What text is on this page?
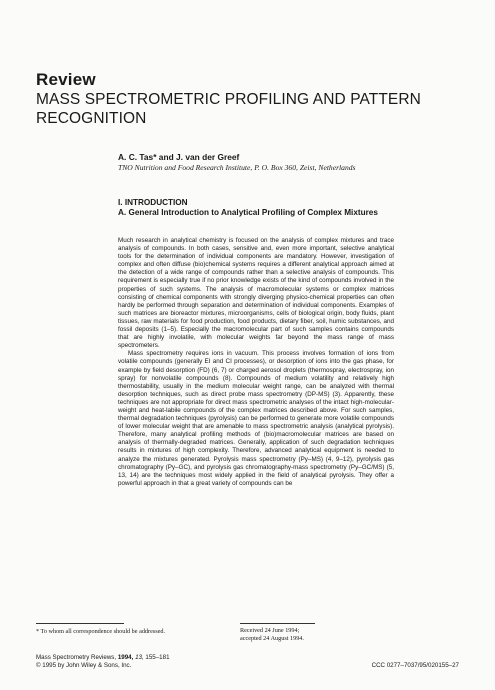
Review
MASS SPECTROMETRIC PROFILING AND PATTERN RECOGNITION
A. C. Tas* and J. van der Greef
TNO Nutrition and Food Research Institute, P. O. Box 360, Zeist, Netherlands
I. INTRODUCTION
A. General Introduction to Analytical Profiling of Complex Mixtures

Much research in analytical chemistry is focused on the analysis of complex mixtures and trace analysis of compounds. In both cases, sensitive and, even more important, selective analytical tools for the determination of individual components are mandatory. However, investigation of complex and often diffuse (bio)chemical systems requires a different analytical approach aimed at the detection of a wide range of compounds rather than a selective analysis of compounds. This requirement is especially true if no prior knowledge exists of the kind of compounds involved in the properties of such systems. The analysis of macromolecular systems or complex matrices consisting of chemical components with strongly diverging physico-chemical properties can often hardly be performed through separation and determination of individual components. Examples of such matrices are bioreactor mixtures, microorganisms, cells of biological origin, body fluids, plant tissues, raw materials for food production, food products, dietary fiber, soil, humic substances, and fossil deposits (1–5). Especially the macromolecular part of such samples contains compounds that are highly involatile, with molecular weights far beyond the mass range of mass spectrometers.

Mass spectrometry requires ions in vacuum. This process involves formation of ions from volatile compounds (generally EI and CI processes), or desorption of ions into the gas phase, for example by field desorption (FD) (6, 7) or charged aerosol droplets (thermospray, electrospray, ion spray) for nonvolatile compounds (8). Compounds of medium volatility and relatively high thermostability, usually in the medium molecular weight range, can be analyzed with thermal desorption techniques, such as direct probe mass spectrometry (DP-MS) (3). Apparently, these techniques are not appropriate for direct mass spectrometric analyses of the intact high-molecular-weight and heat-labile compounds of the complex matrices described above. For such samples, thermal degradation techniques (pyrolysis) can be performed to generate more volatile compounds of lower molecular weight that are amenable to mass spectrometric analysis (analytical pyrolysis). Therefore, many analytical profiling methods of (bio)macromolecular matrices are based on analysis of thermally-degraded matrices. Generally, application of such degradation techniques results in mixtures of high complexity. Therefore, advanced analytical equipment is needed to analyze the mixtures generated. Pyrolysis mass spectrometry (Py–MS) (4, 9–12), pyrolysis gas chromatography (Py–GC), and pyrolysis gas chromatography-mass spectrometry (Py–GC/MS) (5, 13, 14) are the techniques most widely applied in the field of analytical pyrolysis. They offer a powerful approach in that a great variety of compounds can be

* To whom all correspondence should be addressed.	Received 24 June 1994;
accepted 24 August 1994.
Mass Spectrometry Reviews, 1994, 13, 155–181
© 1995 by John Wiley & Sons, Inc.	CCC 0277–7037/95/020155–27
